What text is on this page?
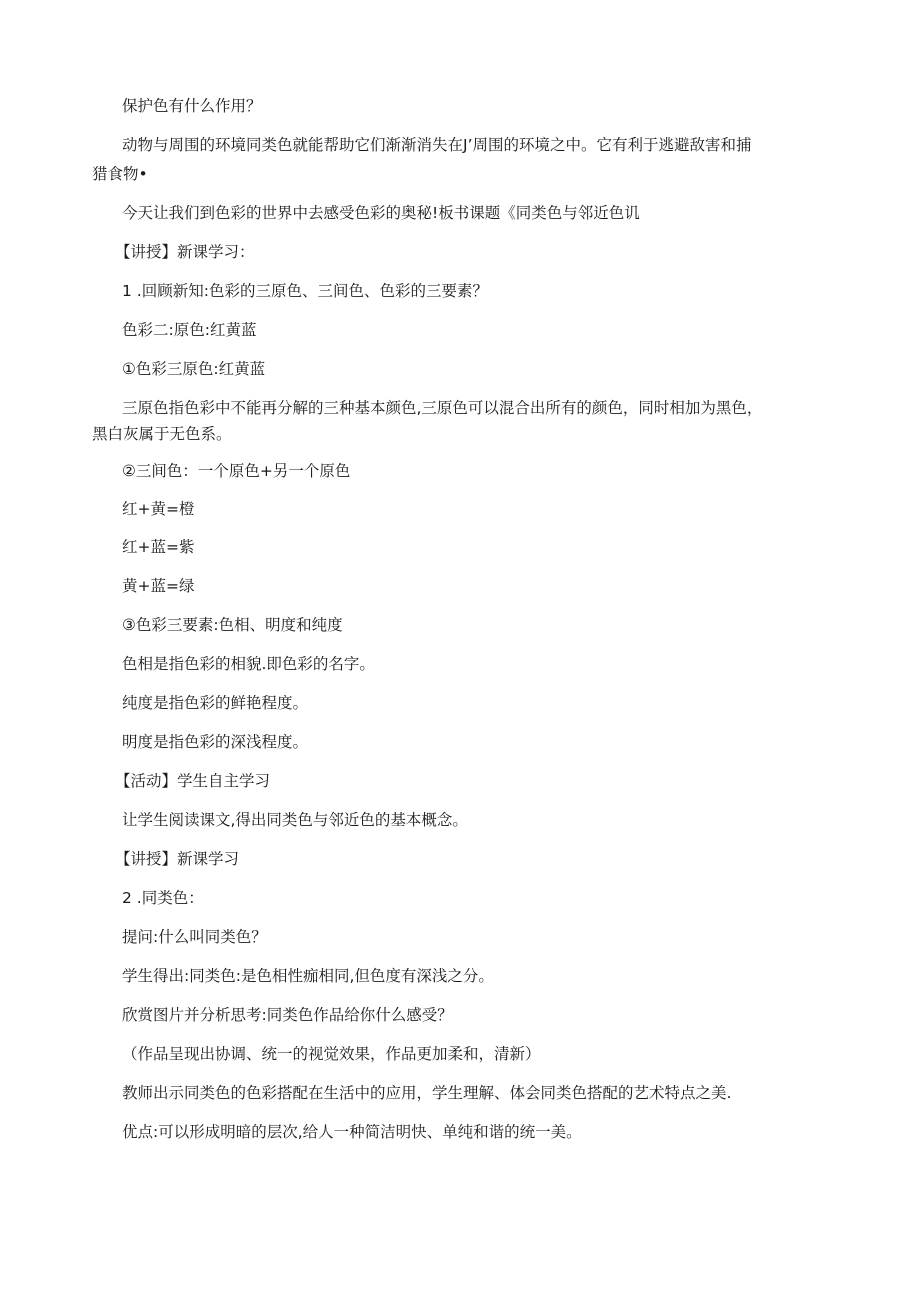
保护色有什么作用？
动物与周围的环境同类色就能帮助它们渐渐消失在J’周围的环境之中。它有利于逃避敌害和捕
猎食物•
今天让我们到色彩的世界中去感受色彩的奥秘!板书课题《同类色与邻近色讥
【讲授】新课学习：
1 .回顾新知:色彩的三原色、三间色、色彩的三要素？
色彩二:原色:红黄蓝
①色彩三原色:红黄蓝
三原色指色彩中不能再分解的三种基本颜色,三原色可以混合出所有的颜色，同时相加为黑色，
黑白灰属于无色系。
②三间色：一个原色+另一个原色
红+黄=橙
红+蓝=紫
黄+蓝=绿
③色彩三要素:色相、明度和纯度
色相是指色彩的相貌.即色彩的名字。
纯度是指色彩的鲜艳程度。
明度是指色彩的深浅程度。
【活动】学生自主学习
让学生阅读课文,得出同类色与邻近色的基本概念。
【讲授】新课学习
2 .同类色：
提问:什么叫同类色？
学生得出:同类色:是色相性痂相同,但色度有深浅之分。
欣赏图片并分析思考:同类色作品给你什么感受？
（作品呈现出协调、统一的视觉效果，作品更加柔和，清新）
教师出示同类色的色彩搭配在生活中的应用，学生理解、体会同类色搭配的艺术特点之美.
优点:可以形成明暗的层次,给人一种简洁明快、单纯和谐的统一美。
